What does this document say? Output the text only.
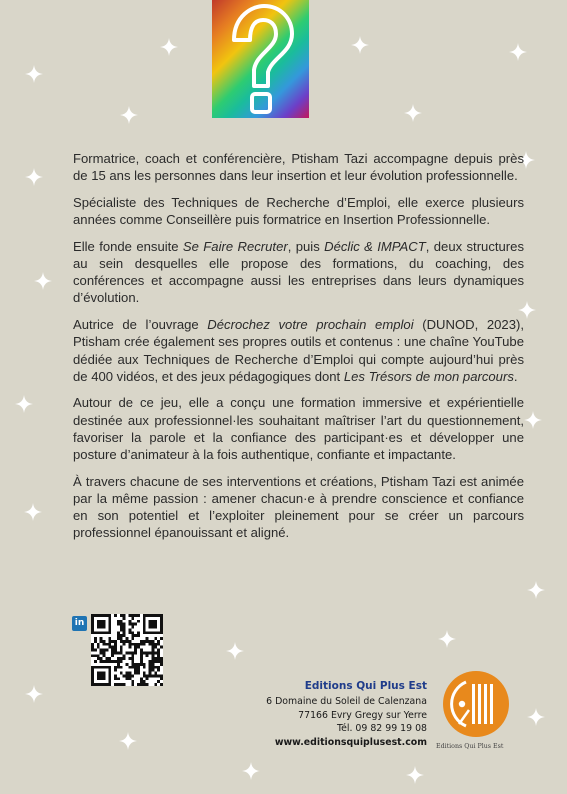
Formatrice, coach et conférencière, Ptisham Tazi accompagne depuis près de 15 ans les personnes dans leur insertion et leur évolution professionnelle.

Spécialiste des Techniques de Recherche d’Emploi, elle exerce plusieurs années comme Conseillère puis formatrice en Insertion Professionnelle.

Elle fonde ensuite Se Faire Recruter, puis Déclic & IMPACT, deux structures au sein desquelles elle propose des formations, du coaching, des conférences et accompagne aussi les entreprises dans leurs dynamiques d’évolution.

Autrice de l’ouvrage Décrochez votre prochain emploi (DUNOD, 2023), Ptisham crée également ses propres outils et contenus : une chaîne YouTube dédiée aux Techniques de Recherche d’Emploi qui compte aujourd’hui près de 400 vidéos, et des jeux pédagogiques dont Les Trésors de mon parcours.

Autour de ce jeu, elle a conçu une formation immersive et expérientielle destinée aux professionnel·les souhaitant maîtriser l’art du questionnement, favoriser la parole et la confiance des participant·es et développer une posture d’animateur à la fois authentique, confiante et impactante.

À travers chacune de ses interventions et créations, Ptisham Tazi est animée par la même passion : amener chacun·e à prendre conscience et confiance en son potentiel et l’exploiter pleinement pour se créer un parcours professionnel épanouissant et aligné.

in
Editions Qui Plus Est
6 Domaine du Soleil de Calenzana
77166 Evry Gregy sur Yerre
Tél. 09 82 99 19 08
www.editionsquiplusest.com Editions Qui Plus Est
